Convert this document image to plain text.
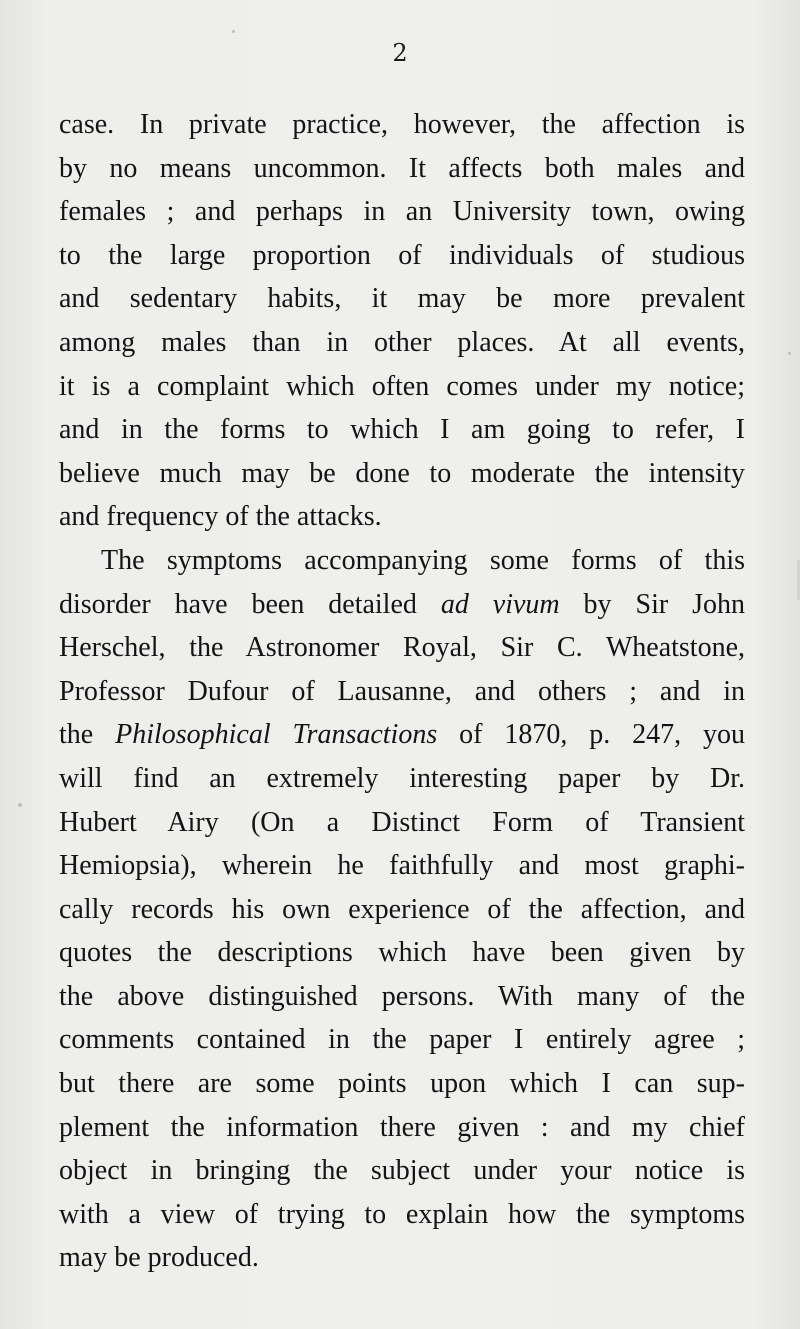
2
case. In private practice, however, the affection is
by no means uncommon. It affects both males and
females ; and perhaps in an University town, owing
to the large proportion of individuals of studious
and sedentary habits, it may be more prevalent
among males than in other places. At all events,
it is a complaint which often comes under my notice;
and in the forms to which I am going to refer, I
believe much may be done to moderate the intensity
and frequency of the attacks.
The symptoms accompanying some forms of this
disorder have been detailed ad vivum by Sir John
Herschel, the Astronomer Royal, Sir C. Wheatstone,
Professor Dufour of Lausanne, and others ; and in
the Philosophical Transactions of 1870, p. 247, you
will find an extremely interesting paper by Dr.
Hubert Airy (On a Distinct Form of Transient
Hemiopsia), wherein he faithfully and most graphi-
cally records his own experience of the affection, and
quotes the descriptions which have been given by
the above distinguished persons. With many of the
comments contained in the paper I entirely agree ;
but there are some points upon which I can sup-
plement the information there given : and my chief
object in bringing the subject under your notice is
with a view of trying to explain how the symptoms
may be produced.
